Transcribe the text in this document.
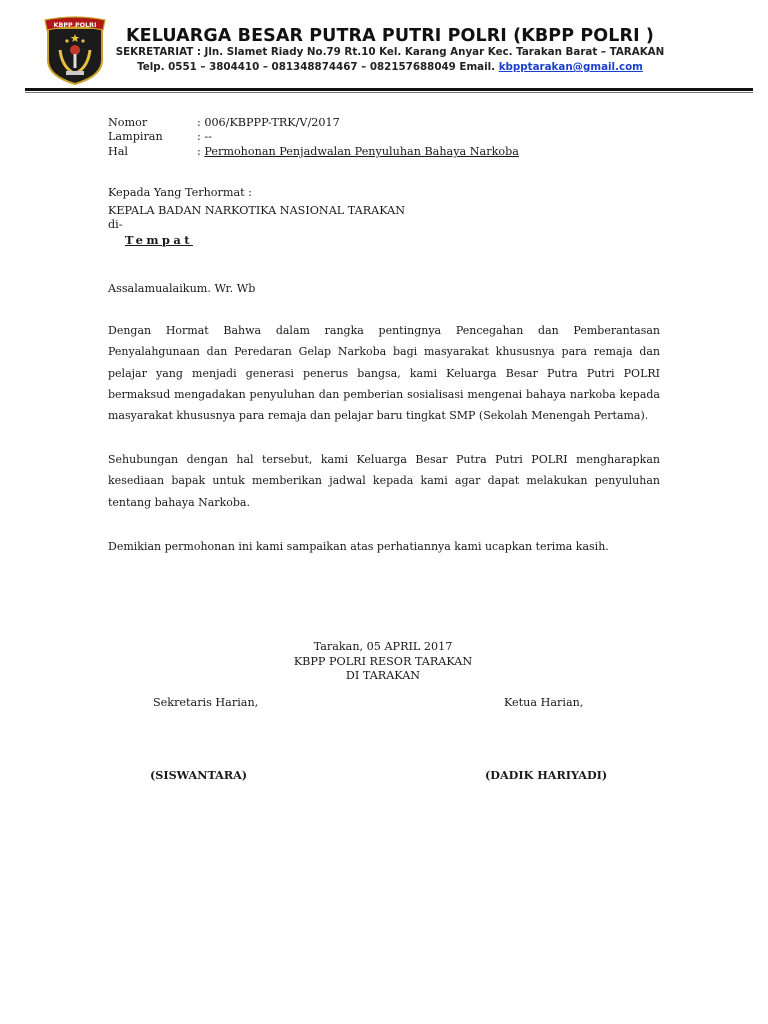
KBPP POLRI
KELUARGA BESAR PUTRA PUTRI POLRI (KBPP POLRI )
SEKRETARIAT : Jln. Slamet Riady No.79 Rt.10 Kel. Karang Anyar Kec. Tarakan Barat – TARAKAN
Telp. 0551 – 3804410 – 081348874467 – 082157688049 Email. kbpptarakan@gmail.com
Nomor	: 006/KBPPP-TRK/V/2017
Lampiran	: --
Hal	: Permohonan Penjadwalan Penyuluhan Bahaya Narkoba
Kepada Yang Terhormat :
KEPALA BADAN NARKOTIKA NASIONAL TARAKAN
di-
Tempat
Assalamualaikum. Wr. Wb
Dengan Hormat Bahwa dalam rangka pentingnya Pencegahan dan Pemberantasan Penyalahgunaan dan Peredaran Gelap Narkoba bagi masyarakat khususnya para remaja dan pelajar yang menjadi generasi penerus bangsa, kami Keluarga Besar Putra Putri POLRI bermaksud mengadakan penyuluhan dan pemberian sosialisasi mengenai bahaya narkoba kepada masyarakat khususnya para remaja dan pelajar baru tingkat SMP (Sekolah Menengah Pertama).
Sehubungan dengan hal tersebut, kami Keluarga Besar Putra Putri POLRI mengharapkan kesediaan bapak untuk memberikan jadwal kepada kami agar dapat melakukan penyuluhan tentang bahaya Narkoba.
Demikian permohonan ini kami sampaikan atas perhatiannya kami ucapkan terima kasih.
Tarakan, 05 APRIL 2017
KBPP POLRI RESOR TARAKAN
DI TARAKAN
Sekretaris Harian,	Ketua Harian,
(SISWANTARA)	(DADIK HARIYADI)
